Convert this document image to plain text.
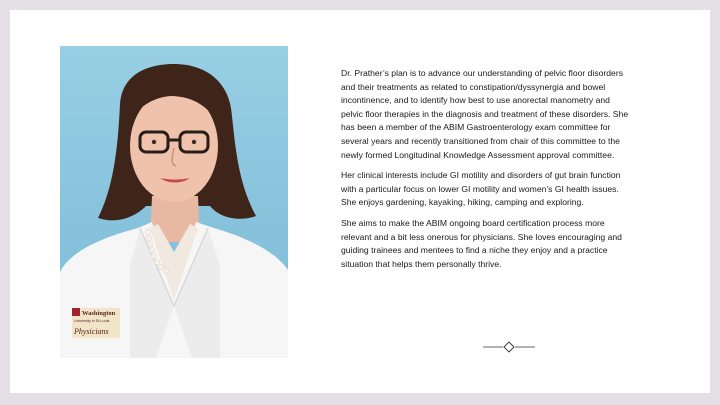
Washington
University in St.Louis
Physicians

Dr. Prather’s plan is to advance our understanding of pelvic floor disorders and their treatments as related to constipation/dyssynergia and bowel incontinence, and to identify how best to use anorectal manometry and pelvic floor therapies in the diagnosis and treatment of these disorders. She has been a member of the ABIM Gastroenterology exam committee for several years and recently transitioned from chair of this committee to the newly formed Longitudinal Knowledge Assessment approval committee.

Her clinical interests include GI motility and disorders of gut brain function with a particular focus on lower GI motility and women’s GI health issues. She enjoys gardening, kayaking, hiking, camping and exploring.

She aims to make the ABIM ongoing board certification process more relevant and a bit less onerous for physicians. She loves encouraging and guiding trainees and mentees to find a niche they enjoy and a practice situation that helps them personally thrive.
